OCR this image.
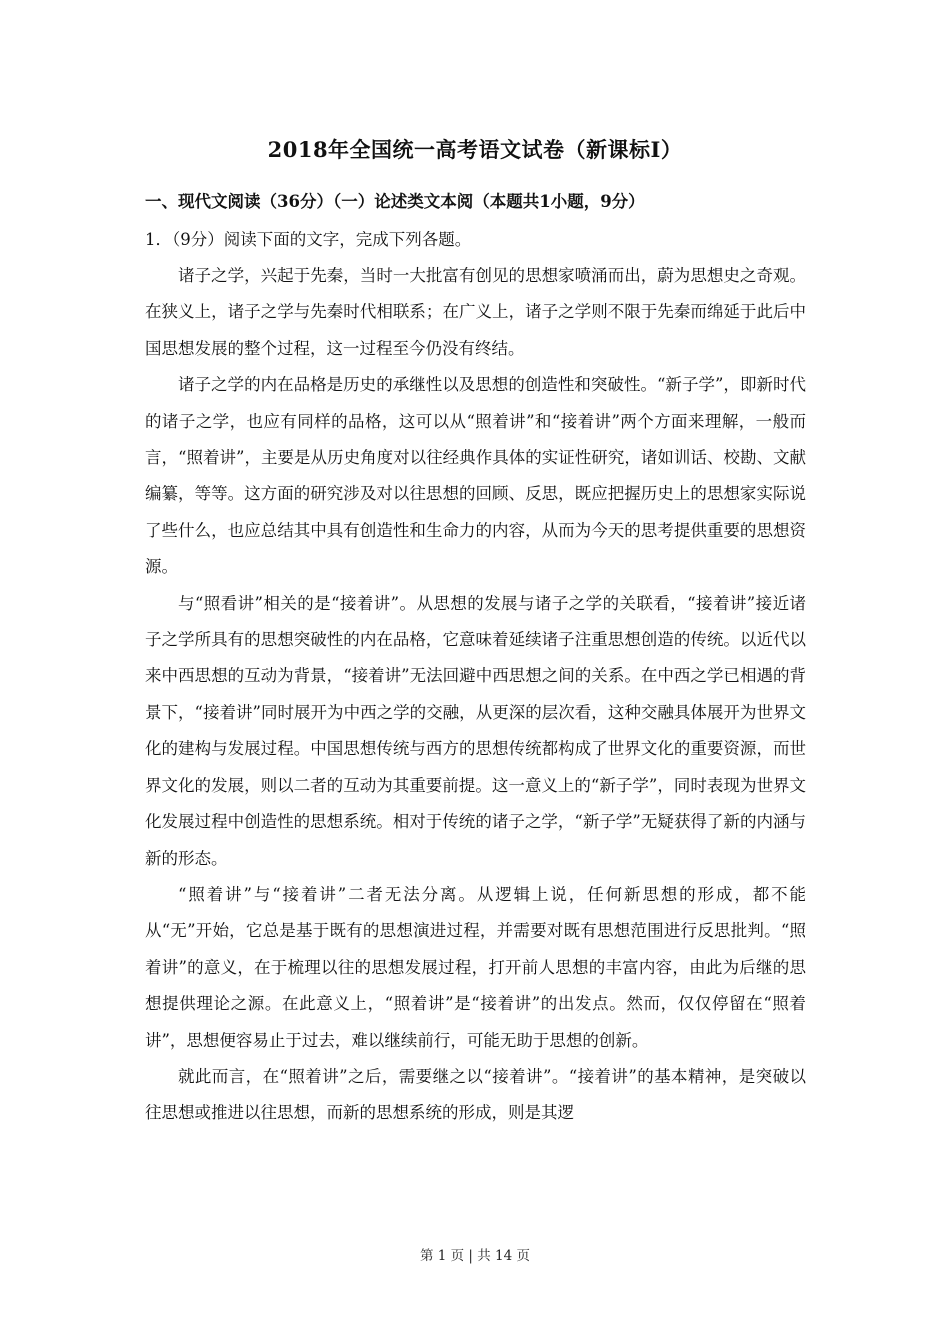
2018年全国统一高考语文试卷（新课标Ⅰ）
一、现代文阅读（36分）（一）论述类文本阅（本题共1小题，9分）
1．（9分）阅读下面的文字，完成下列各题。

诸子之学，兴起于先秦，当时一大批富有创见的思想家喷涌而出，蔚为思想史之奇观。在狭义上，诸子之学与先秦时代相联系；在广义上，诸子之学则不限于先秦而绵延于此后中国思想发展的整个过程，这一过程至今仍没有终结。

诸子之学的内在品格是历史的承继性以及思想的创造性和突破性。“新子学”，即新时代的诸子之学，也应有同样的品格，这可以从“照着讲”和“接着讲”两个方面来理解，一般而言，“照着讲”，主要是从历史角度对以往经典作具体的实证性研究，诸如训话、校勘、文献编纂，等等。这方面的研究涉及对以往思想的回顾、反思，既应把握历史上的思想家实际说了些什么，也应总结其中具有创造性和生命力的内容，从而为今天的思考提供重要的思想资源。

与“照看讲”相关的是“接着讲”。从思想的发展与诸子之学的关联看，“接着讲”接近诸子之学所具有的思想突破性的内在品格，它意味着延续诸子注重思想创造的传统。以近代以来中西思想的互动为背景，“接着讲”无法回避中西思想之间的关系。在中西之学已相遇的背景下，“接着讲”同时展开为中西之学的交融，从更深的层次看，这种交融具体展开为世界文化的建构与发展过程。中国思想传统与西方的思想传统都构成了世界文化的重要资源，而世界文化的发展，则以二者的互动为其重要前提。这一意义上的“新子学”，同时表现为世界文化发展过程中创造性的思想系统。相对于传统的诸子之学，“新子学”无疑获得了新的内涵与新的形态。

“照着讲”与“接着讲”二者无法分离。从逻辑上说，任何新思想的形成，都不能从“无”开始，它总是基于既有的思想演进过程，并需要对既有思想范围进行反思批判。“照着讲”的意义，在于梳理以往的思想发展过程，打开前人思想的丰富内容，由此为后继的思想提供理论之源。在此意义上，“照着讲”是“接着讲”的出发点。然而，仅仅停留在“照着讲”，思想便容易止于过去，难以继续前行，可能无助于思想的创新。

就此而言，在“照着讲”之后，需要继之以“接着讲”。“接着讲”的基本精神，是突破以往思想或推进以往思想，而新的思想系统的形成，则是其逻

第 1 页 | 共 14 页
